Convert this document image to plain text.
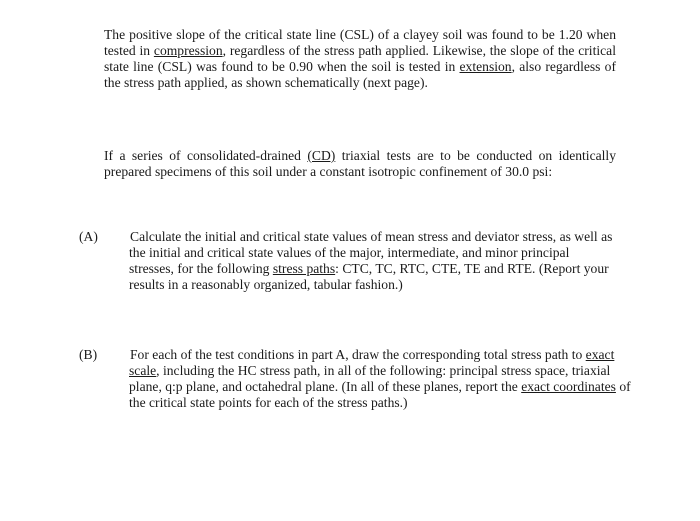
The positive slope of the critical state line (CSL) of a clayey soil was found to be 1.20 when tested in compression, regardless of the stress path applied. Likewise, the slope of the critical state line (CSL) was found to be 0.90 when the soil is tested in extension, also regardless of the stress path applied, as shown schematically (next page).

If a series of consolidated-drained (CD) triaxial tests are to be conducted on identically prepared specimens of this soil under a constant isotropic confinement of 30.0 psi:

(A) Calculate the initial and critical state values of mean stress and deviator stress, as well as the initial and critical state values of the major, intermediate, and minor principal stresses, for the following stress paths: CTC, TC, RTC, CTE, TE and RTE. (Report your results in a reasonably organized, tabular fashion.)

(B) For each of the test conditions in part A, draw the corresponding total stress path to exact scale, including the HC stress path, in all of the following: principal stress space, triaxial plane, q:p plane, and octahedral plane. (In all of these planes, report the exact coordinates of the critical state points for each of the stress paths.)
